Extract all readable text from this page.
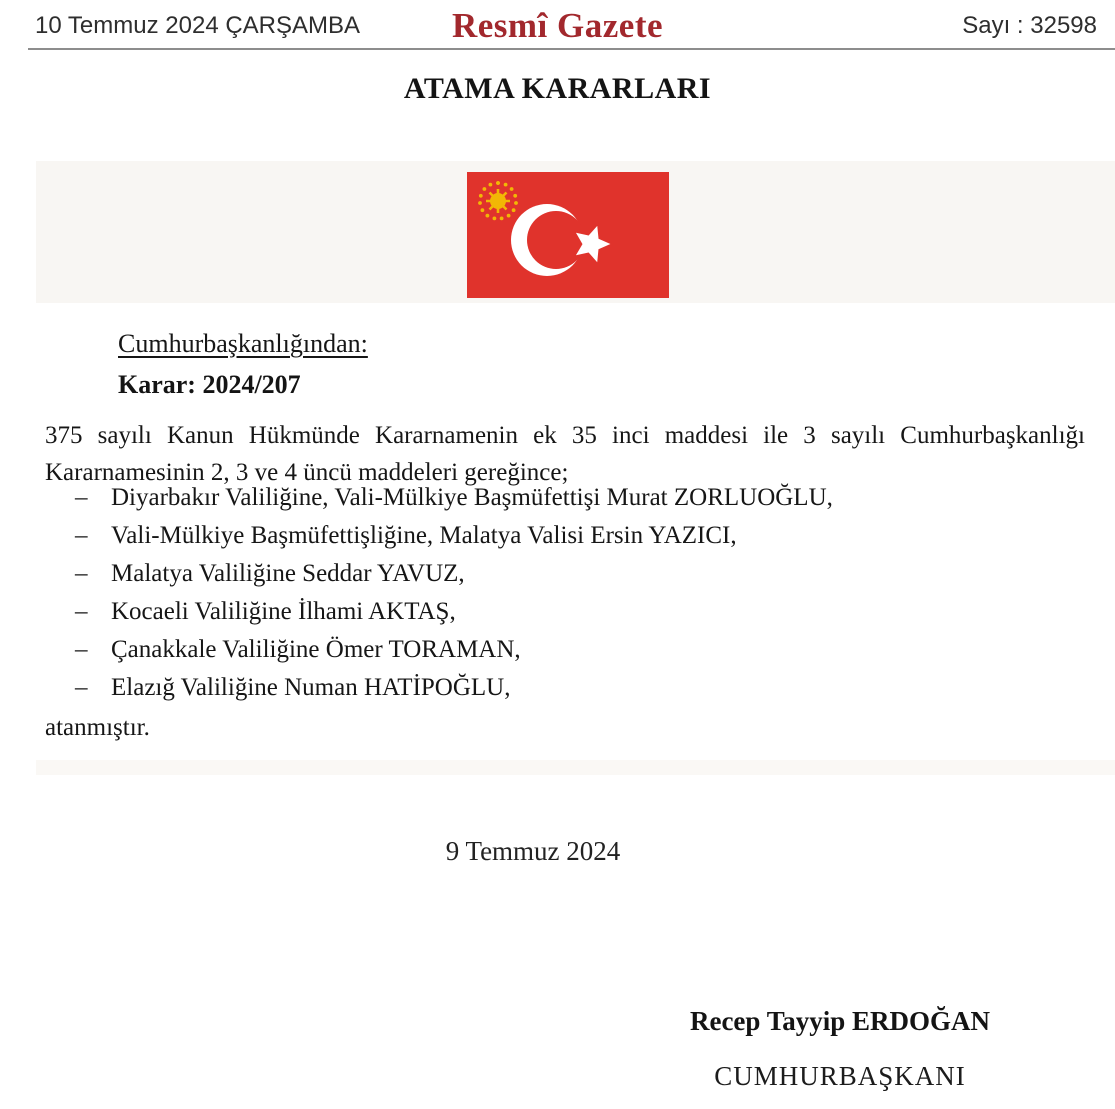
10 Temmuz 2024 ÇARŞAMBA	Resmî Gazete	Sayı : 32598
ATAMA KARARLARI
Cumhurbaşkanlığından:
Karar: 2024/207
375 sayılı Kanun Hükmünde Kararnamenin ek 35 inci maddesi ile 3 sayılı Cumhurbaşkanlığı
Kararnamesinin 2, 3 ve 4 üncü maddeleri gereğince;
– Diyarbakır Valiliğine, Vali-Mülkiye Başmüfettişi Murat ZORLUOĞLU,
– Vali-Mülkiye Başmüfettişliğine, Malatya Valisi Ersin YAZICI,
– Malatya Valiliğine Seddar YAVUZ,
– Kocaeli Valiliğine İlhami AKTAŞ,
– Çanakkale Valiliğine Ömer TORAMAN,
– Elazığ Valiliğine Numan HATİPOĞLU,
atanmıştır.
9 Temmuz 2024
Recep Tayyip ERDOĞAN
CUMHURBAŞKANI
